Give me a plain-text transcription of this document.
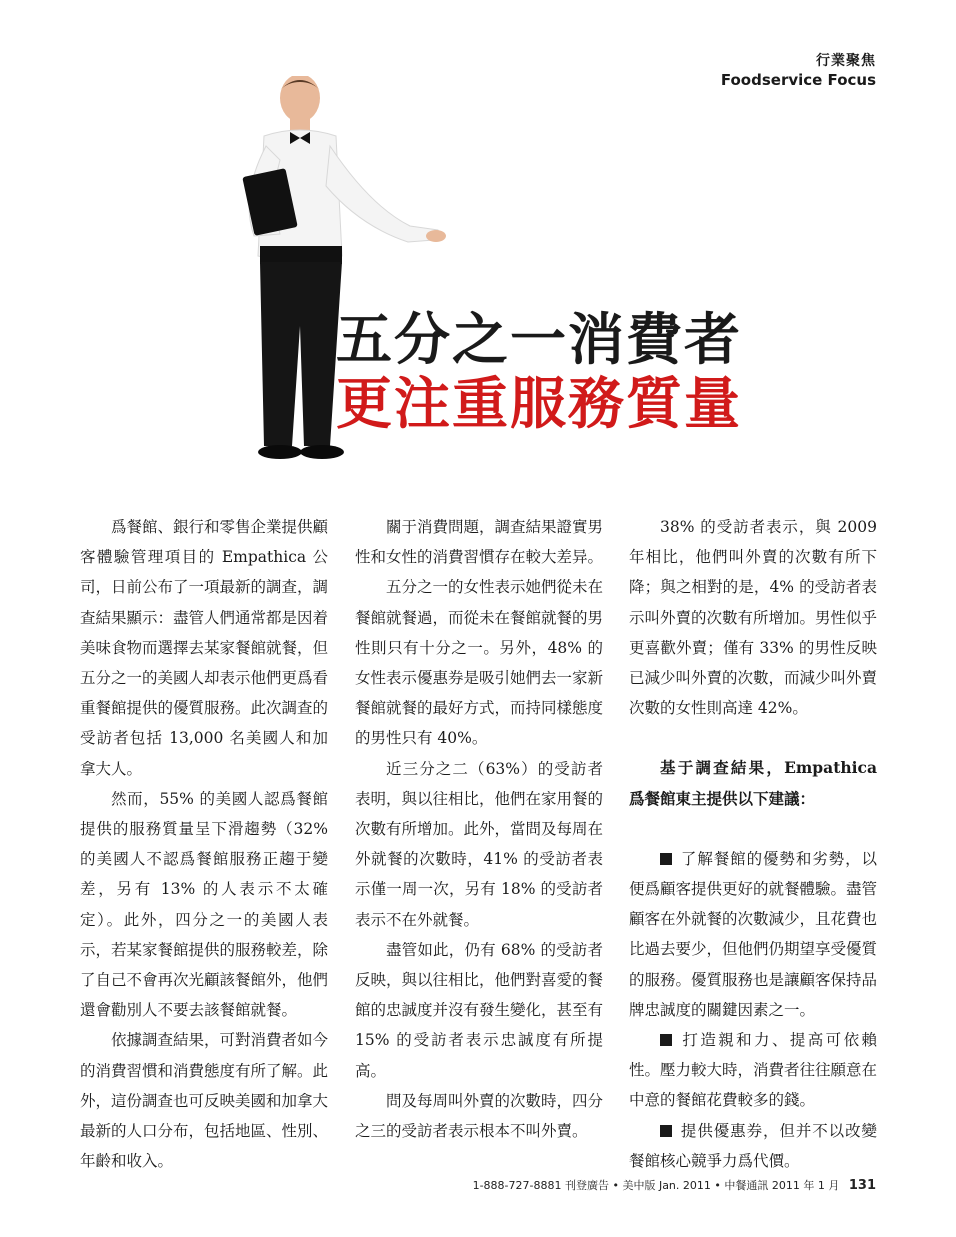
行業聚焦
Foodservice Focus
五分之一消費者
更注重服務質量

爲餐館、銀行和零售企業提供顧客體驗管理項目的 Empathica 公司，日前公布了一項最新的調查，調查結果顯示：盡管人們通常都是因着美味食物而選擇去某家餐館就餐，但五分之一的美國人却表示他們更爲看重餐館提供的優質服務。此次調查的受訪者包括 13,000 名美國人和加拿大人。

然而，55% 的美國人認爲餐館提供的服務質量呈下滑趨勢（32% 的美國人不認爲餐館服務正趨于變差，另有 13% 的人表示不太確定）。此外，四分之一的美國人表示，若某家餐館提供的服務較差，除了自己不會再次光顧該餐館外，他們還會勸別人不要去該餐館就餐。

依據調查結果，可對消費者如今的消費習慣和消費態度有所了解。此外，這份調查也可反映美國和加拿大最新的人口分布，包括地區、性別、年齡和收入。

關于消費問題，調查結果證實男性和女性的消費習慣存在較大差异。

五分之一的女性表示她們從未在餐館就餐過，而從未在餐館就餐的男性則只有十分之一。另外，48% 的女性表示優惠券是吸引她們去一家新餐館就餐的最好方式，而持同樣態度的男性只有 40%。

近三分之二（63%）的受訪者表明，與以往相比，他們在家用餐的次數有所增加。此外，當問及每周在外就餐的次數時，41% 的受訪者表示僅一周一次，另有 18% 的受訪者表示不在外就餐。

盡管如此，仍有 68% 的受訪者反映，與以往相比，他們對喜愛的餐館的忠誠度并沒有發生變化，甚至有 15% 的受訪者表示忠誠度有所提高。

問及每周叫外賣的次數時，四分之三的受訪者表示根本不叫外賣。

38% 的受訪者表示，與 2009 年相比，他們叫外賣的次數有所下降；與之相對的是，4% 的受訪者表示叫外賣的次數有所增加。男性似乎更喜歡外賣；僅有 33% 的男性反映已減少叫外賣的次數，而減少叫外賣次數的女性則高達 42%。

基于調查結果，Empathica 爲餐館東主提供以下建議：

了解餐館的優勢和劣勢，以便爲顧客提供更好的就餐體驗。盡管顧客在外就餐的次數減少，且花費也比過去要少，但他們仍期望享受優質的服務。優質服務也是讓顧客保持品牌忠誠度的關鍵因素之一。

打造親和力、提高可依賴性。壓力較大時，消費者往往願意在中意的餐館花費較多的錢。

提供優惠券，但并不以改變餐館核心競爭力爲代價。

1-888-727-8881 刊登廣告 • 美中版 Jan. 2011 • 中餐通訊 2011 年 1 月 131
